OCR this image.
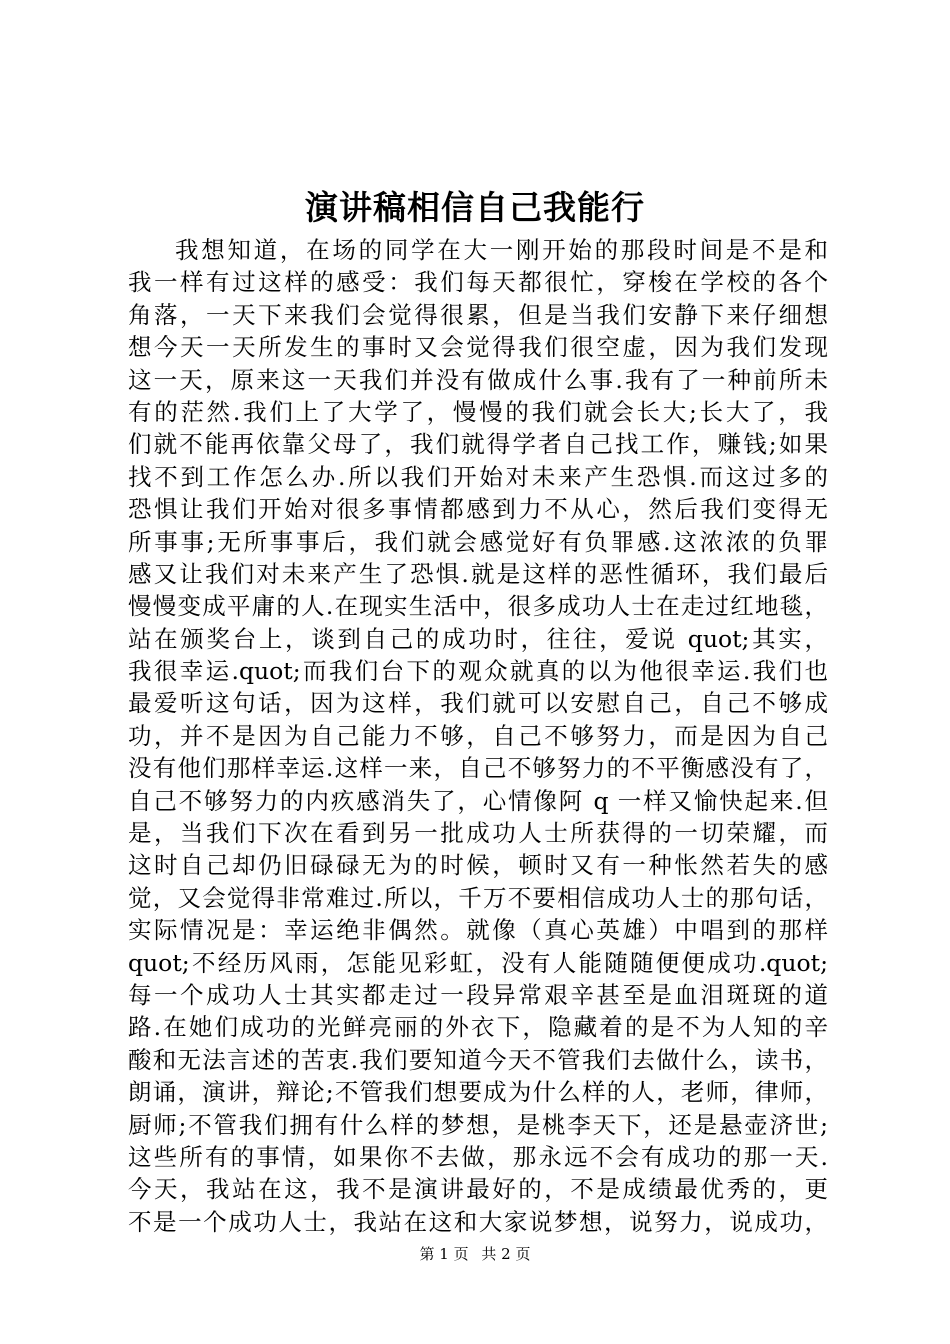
演讲稿相信自己我能行
我想知道，在场的同学在大一刚开始的那段时间是不是和
我一样有过这样的感受：我们每天都很忙，穿梭在学校的各个
角落，一天下来我们会觉得很累，但是当我们安静下来仔细想
想今天一天所发生的事时又会觉得我们很空虚，因为我们发现
这一天，原来这一天我们并没有做成什么事.我有了一种前所未
有的茫然.我们上了大学了，慢慢的我们就会长大;长大了，我
们就不能再依靠父母了，我们就得学者自己找工作，赚钱;如果
找不到工作怎么办.所以我们开始对未来产生恐惧.而这过多的
恐惧让我们开始对很多事情都感到力不从心，然后我们变得无
所事事;无所事事后，我们就会感觉好有负罪感.这浓浓的负罪
感又让我们对未来产生了恐惧.就是这样的恶性循环，我们最后
慢慢变成平庸的人.在现实生活中，很多成功人士在走过红地毯，
站在颁奖台上，谈到自己的成功时，往往，爱说 quot;其实，
我很幸运.quot;而我们台下的观众就真的以为他很幸运.我们也
最爱听这句话，因为这样，我们就可以安慰自己，自己不够成
功，并不是因为自己能力不够，自己不够努力，而是因为自己
没有他们那样幸运.这样一来，自己不够努力的不平衡感没有了，
自己不够努力的内疚感消失了，心情像阿 q 一样又愉快起来.但
是，当我们下次在看到另一批成功人士所获得的一切荣耀，而
这时自己却仍旧碌碌无为的时候，顿时又有一种怅然若失的感
觉，又会觉得非常难过.所以，千万不要相信成功人士的那句话，
实际情况是：幸运绝非偶然。就像（真心英雄）中唱到的那样
quot;不经历风雨，怎能见彩虹，没有人能随随便便成功.quot;
每一个成功人士其实都走过一段异常艰辛甚至是血泪斑斑的道
路.在她们成功的光鲜亮丽的外衣下，隐藏着的是不为人知的辛
酸和无法言述的苦衷.我们要知道今天不管我们去做什么，读书，
朗诵，演讲，辩论;不管我们想要成为什么样的人，老师，律师，
厨师;不管我们拥有什么样的梦想，是桃李天下，还是悬壶济世;
这些所有的事情，如果你不去做，那永远不会有成功的那一天.
今天，我站在这，我不是演讲最好的，不是成绩最优秀的，更
不是一个成功人士，我站在这和大家说梦想，说努力，说成功，
第 1 页 共 2 页
